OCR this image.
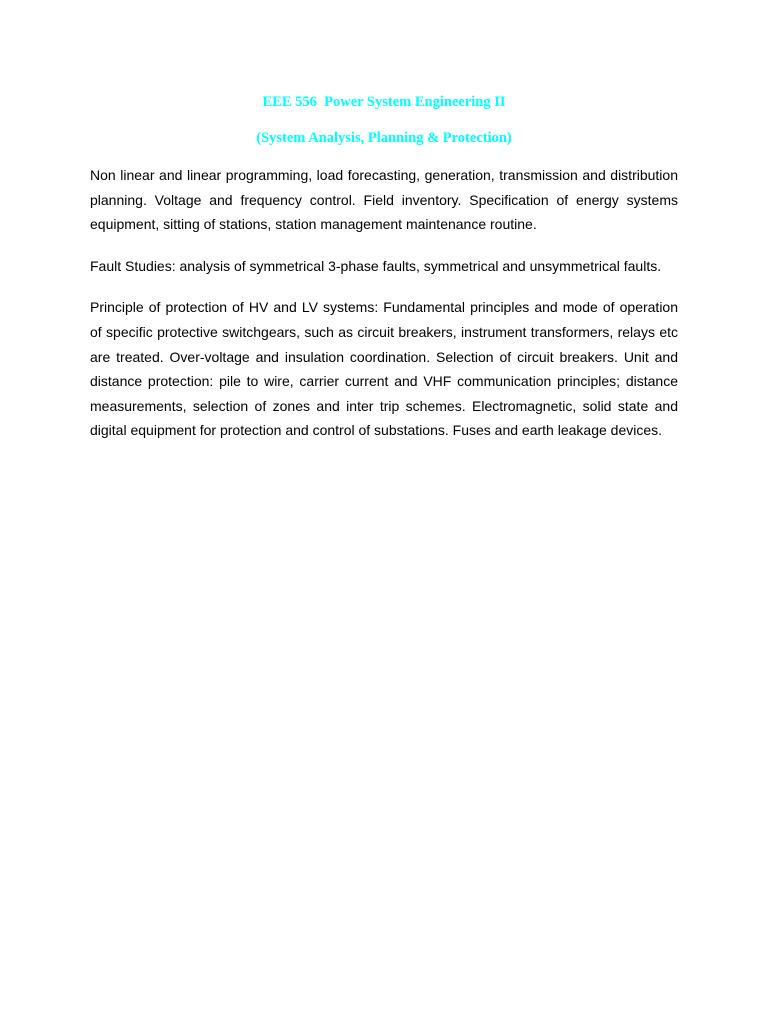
EEE 556  Power System Engineering II
(System Analysis, Planning & Protection)

Non linear and linear programming, load forecasting, generation, transmission and distribution planning. Voltage and frequency control. Field inventory. Specification of energy systems equipment, sitting of stations, station management maintenance routine.

Fault Studies: analysis of symmetrical 3-phase faults, symmetrical and unsymmetrical faults.

Principle of protection of HV and LV systems: Fundamental principles and mode of operation of specific protective switchgears, such as circuit breakers, instrument transformers, relays etc are treated. Over-voltage and insulation coordination. Selection of circuit breakers. Unit and distance protection: pile to wire, carrier current and VHF communication principles; distance measurements, selection of zones and inter trip schemes. Electromagnetic, solid state and digital equipment for protection and control of substations. Fuses and earth leakage devices.
